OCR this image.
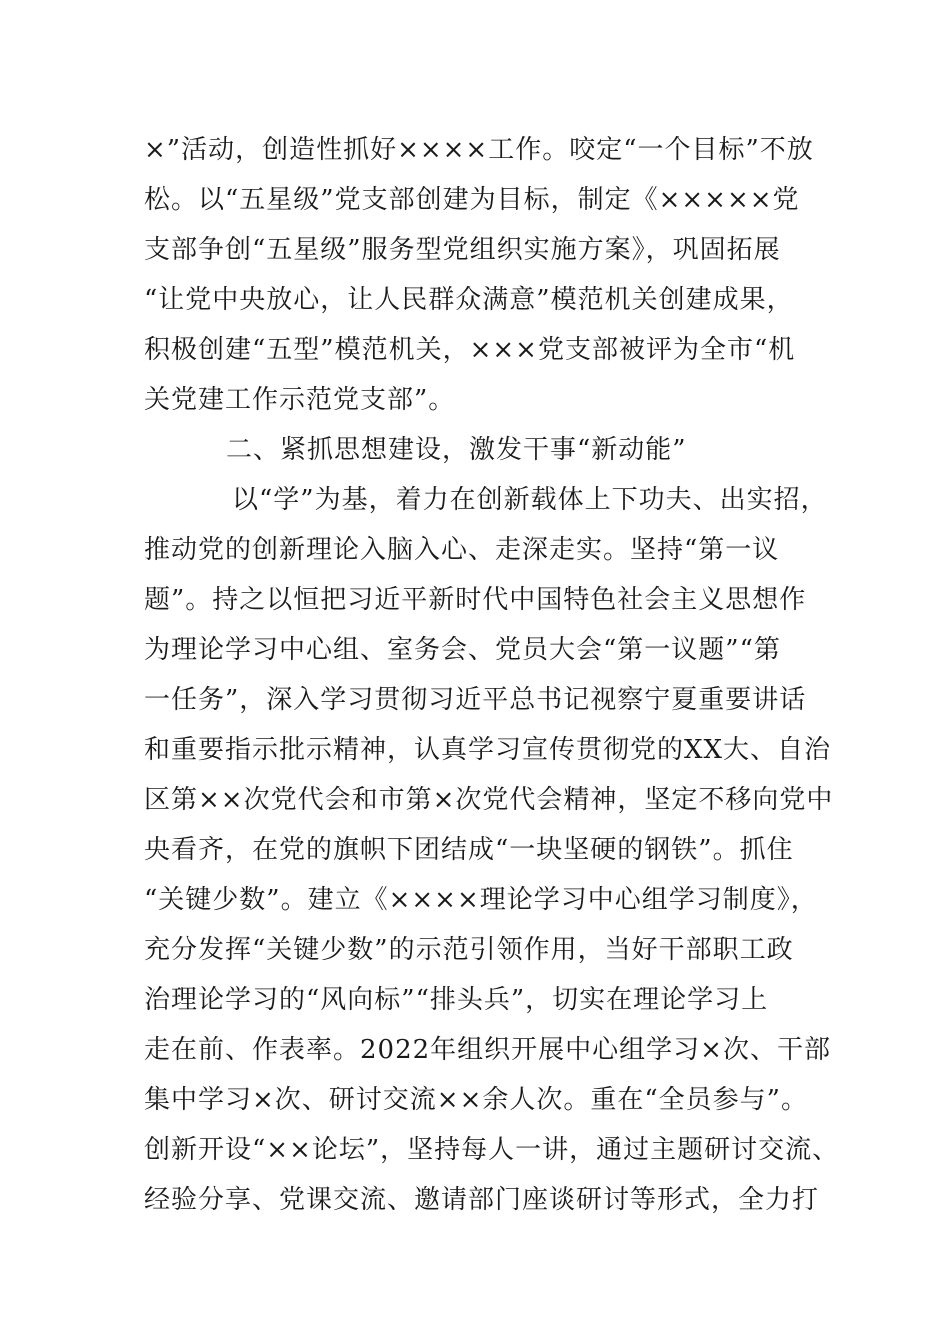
×”活动，创造性抓好××××工作。咬定“一个目标”不放
松。以“五星级”党支部创建为目标，制定《×××××党
支部争创“五星级”服务型党组织实施方案》，巩固拓展
“让党中央放心，让人民群众满意”模范机关创建成果，
积极创建“五型”模范机关，×××党支部被评为全市“机
关党建工作示范党支部”。
二、紧抓思想建设，激发干事“新动能”
以“学”为基，着力在创新载体上下功夫、出实招，
推动党的创新理论入脑入心、走深走实。坚持“第一议
题”。持之以恒把习近平新时代中国特色社会主义思想作
为理论学习中心组、室务会、党员大会“第一议题”“第
一任务”，深入学习贯彻习近平总书记视察宁夏重要讲话
和重要指示批示精神，认真学习宣传贯彻党的XX大、自治
区第××次党代会和市第×次党代会精神，坚定不移向党中
央看齐，在党的旗帜下团结成“一块坚硬的钢铁”。抓住
“关键少数”。建立《××××理论学习中心组学习制度》，
充分发挥“关键少数”的示范引领作用，当好干部职工政
治理论学习的“风向标”“排头兵”，切实在理论学习上
走在前、作表率。2022年组织开展中心组学习×次、干部
集中学习×次、研讨交流××余人次。重在“全员参与”。
创新开设“××论坛”，坚持每人一讲，通过主题研讨交流、
经验分享、党课交流、邀请部门座谈研讨等形式，全力打
